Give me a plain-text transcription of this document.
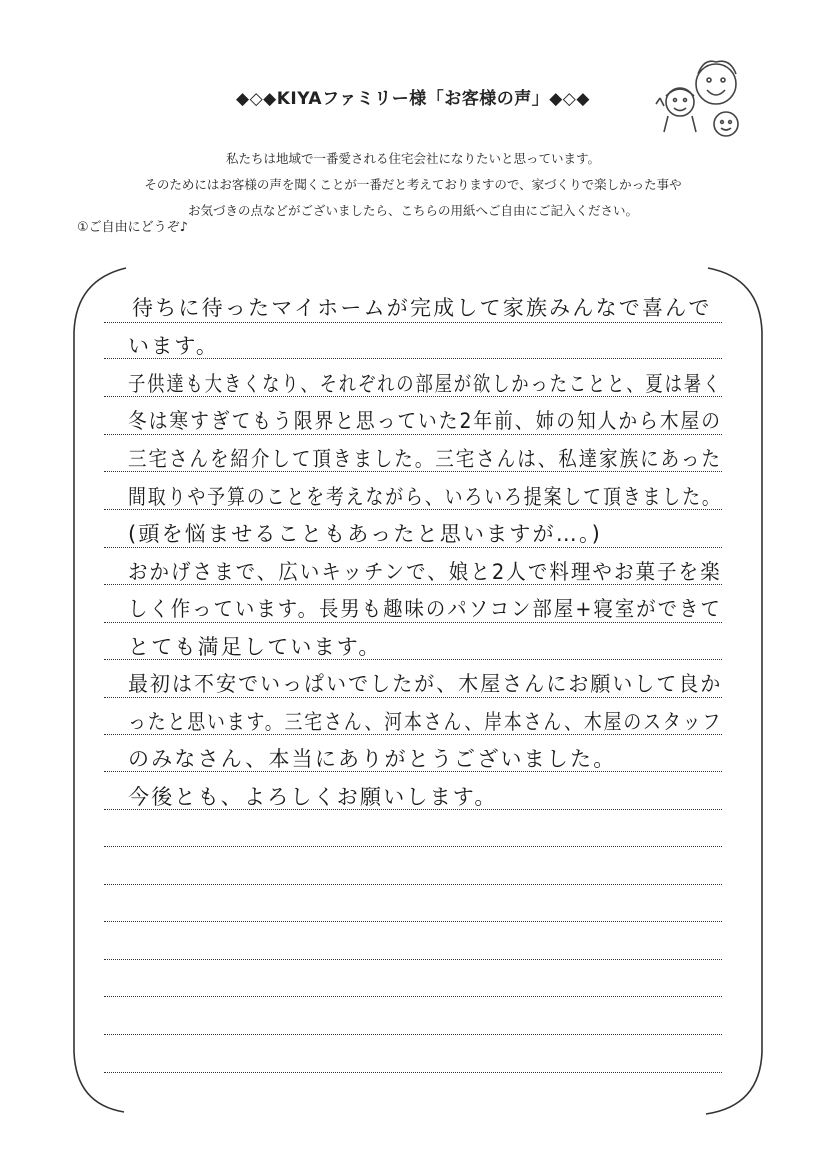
◆◇◆KIYAファミリー様「お客様の声」◆◇◆
私たちは地域で一番愛される住宅会社になりたいと思っています。
そのためにはお客様の声を聞くことが一番だと考えておりますので、家づくりで楽しかった事や
お気づきの点などがございましたら、こちらの用紙へご自由にご記入ください。
①ご自由にどうぞ♪
待ちに待ったマイホームが完成して家族みんなで喜んで
います。
子供達も大きくなり、それぞれの部屋が欲しかったことと、夏は暑く
冬は寒すぎてもう限界と思っていた2年前、姉の知人から木屋の
三宅さんを紹介して頂きました。三宅さんは、私達家族にあった
間取りや予算のことを考えながら、いろいろ提案して頂きました。
(頭を悩ませることもあったと思いますが…。)
おかげさまで、広いキッチンで、娘と2人で料理やお菓子を楽
しく作っています。長男も趣味のパソコン部屋+寝室ができて
とても満足しています。
最初は不安でいっぱいでしたが、木屋さんにお願いして良か
ったと思います。三宅さん、河本さん、岸本さん、木屋のスタッフ
のみなさん、本当にありがとうございました。
今後とも、よろしくお願いします。
